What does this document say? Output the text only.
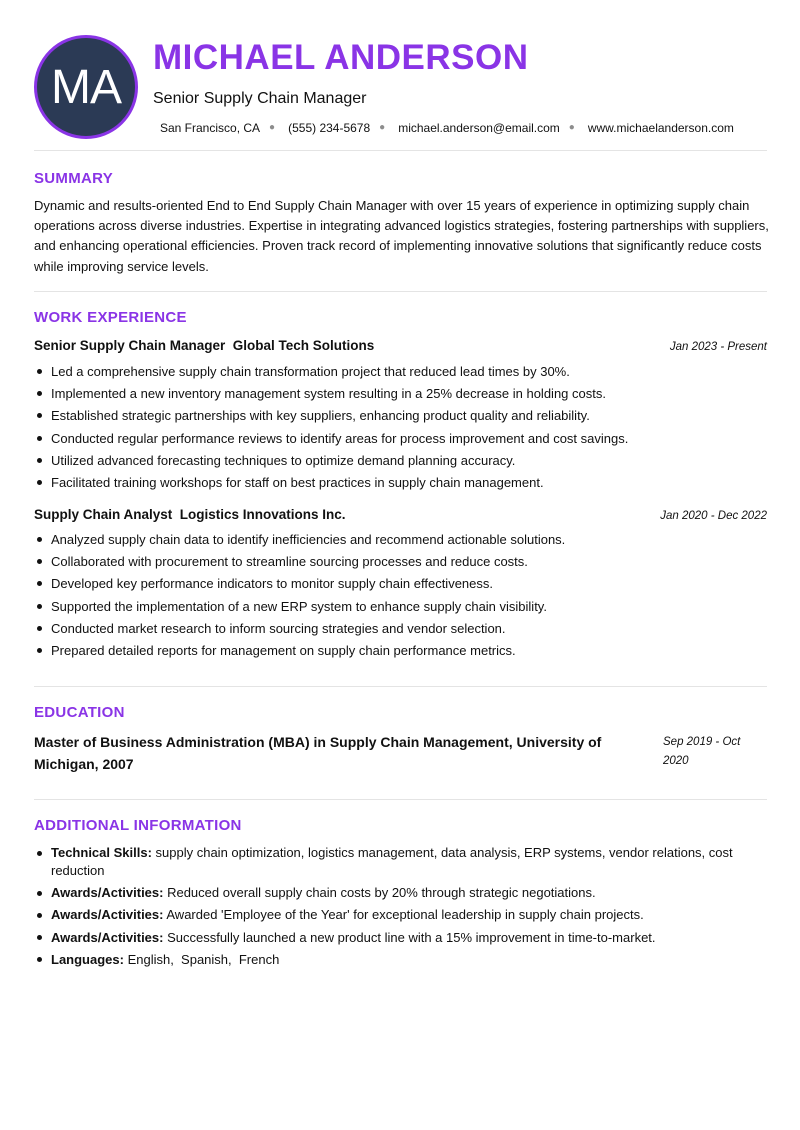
MA
MICHAEL ANDERSON
Senior Supply Chain Manager
San Francisco, CA ● (555) 234-5678 ● michael.anderson@email.com ● www.michaelanderson.com
SUMMARY
Dynamic and results-oriented End to End Supply Chain Manager with over 15 years of experience in optimizing supply chain operations across diverse industries. Expertise in integrating advanced logistics strategies, fostering partnerships with suppliers, and enhancing operational efficiencies. Proven track record of implementing innovative solutions that significantly reduce costs while improving service levels.
WORK EXPERIENCE
Senior Supply Chain Manager  Global Tech Solutions	Jan 2023 - Present
Led a comprehensive supply chain transformation project that reduced lead times by 30%.
Implemented a new inventory management system resulting in a 25% decrease in holding costs.
Established strategic partnerships with key suppliers, enhancing product quality and reliability.
Conducted regular performance reviews to identify areas for process improvement and cost savings.
Utilized advanced forecasting techniques to optimize demand planning accuracy.
Facilitated training workshops for staff on best practices in supply chain management.
Supply Chain Analyst  Logistics Innovations Inc.	Jan 2020 - Dec 2022
Analyzed supply chain data to identify inefficiencies and recommend actionable solutions.
Collaborated with procurement to streamline sourcing processes and reduce costs.
Developed key performance indicators to monitor supply chain effectiveness.
Supported the implementation of a new ERP system to enhance supply chain visibility.
Conducted market research to inform sourcing strategies and vendor selection.
Prepared detailed reports for management on supply chain performance metrics.
EDUCATION
Master of Business Administration (MBA) in Supply Chain Management, University of Michigan, 2007
Sep 2019 - Oct 2020
ADDITIONAL INFORMATION
Technical Skills: supply chain optimization, logistics management, data analysis, ERP systems, vendor relations, cost reduction
Awards/Activities: Reduced overall supply chain costs by 20% through strategic negotiations.
Awards/Activities: Awarded 'Employee of the Year' for exceptional leadership in supply chain projects.
Awards/Activities: Successfully launched a new product line with a 15% improvement in time-to-market.
Languages: English,  Spanish,  French
